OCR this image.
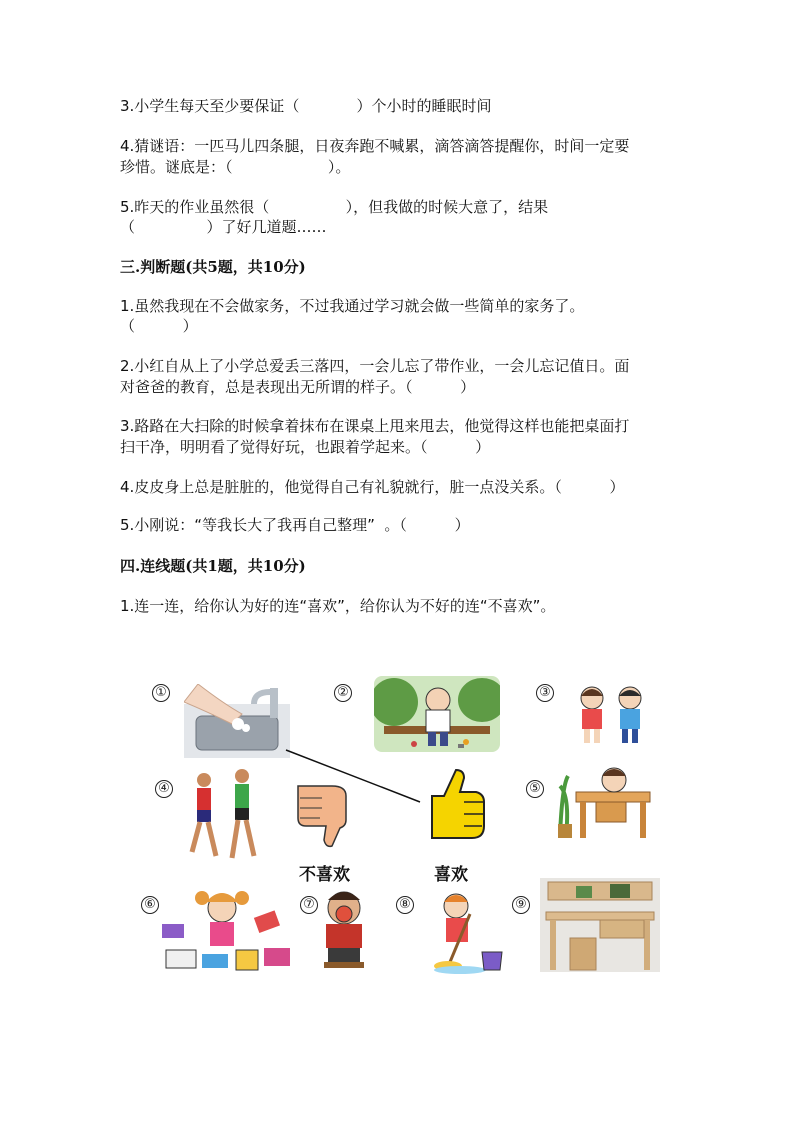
3.小学生每天至少要保证（            ）个小时的睡眠时间
4.猜谜语：一匹马儿四条腿，日夜奔跑不喊累，滴答滴答提醒你，时间一定要
珍惜。谜底是：（                    ）。
5.昨天的作业虽然很（                ），但我做的时候大意了，结果
（               ）了好几道题……
三.判断题(共5题，共10分)
1.虽然我现在不会做家务，不过我通过学习就会做一些简单的家务了。
（          ）
2.小红自从上了小学总爱丢三落四，一会儿忘了带作业，一会儿忘记值日。面
对爸爸的教育，总是表现出无所谓的样子。（          ）
3.路路在大扫除的时候拿着抹布在课桌上甩来甩去，他觉得这样也能把桌面打
扫干净，明明看了觉得好玩，也跟着学起来。（          ）
4.皮皮身上总是脏脏的，他觉得自己有礼貌就行，脏一点没关系。（          ）
5.小刚说：“等我长大了我再自己整理”  。（          ）
四.连线题(共1题，共10分)
1.连一连，给你认为好的连“喜欢”，给你认为不好的连“不喜欢”。
①	②	③
④	⑤
⑥	⑦	⑧	⑨
不喜欢	喜欢
